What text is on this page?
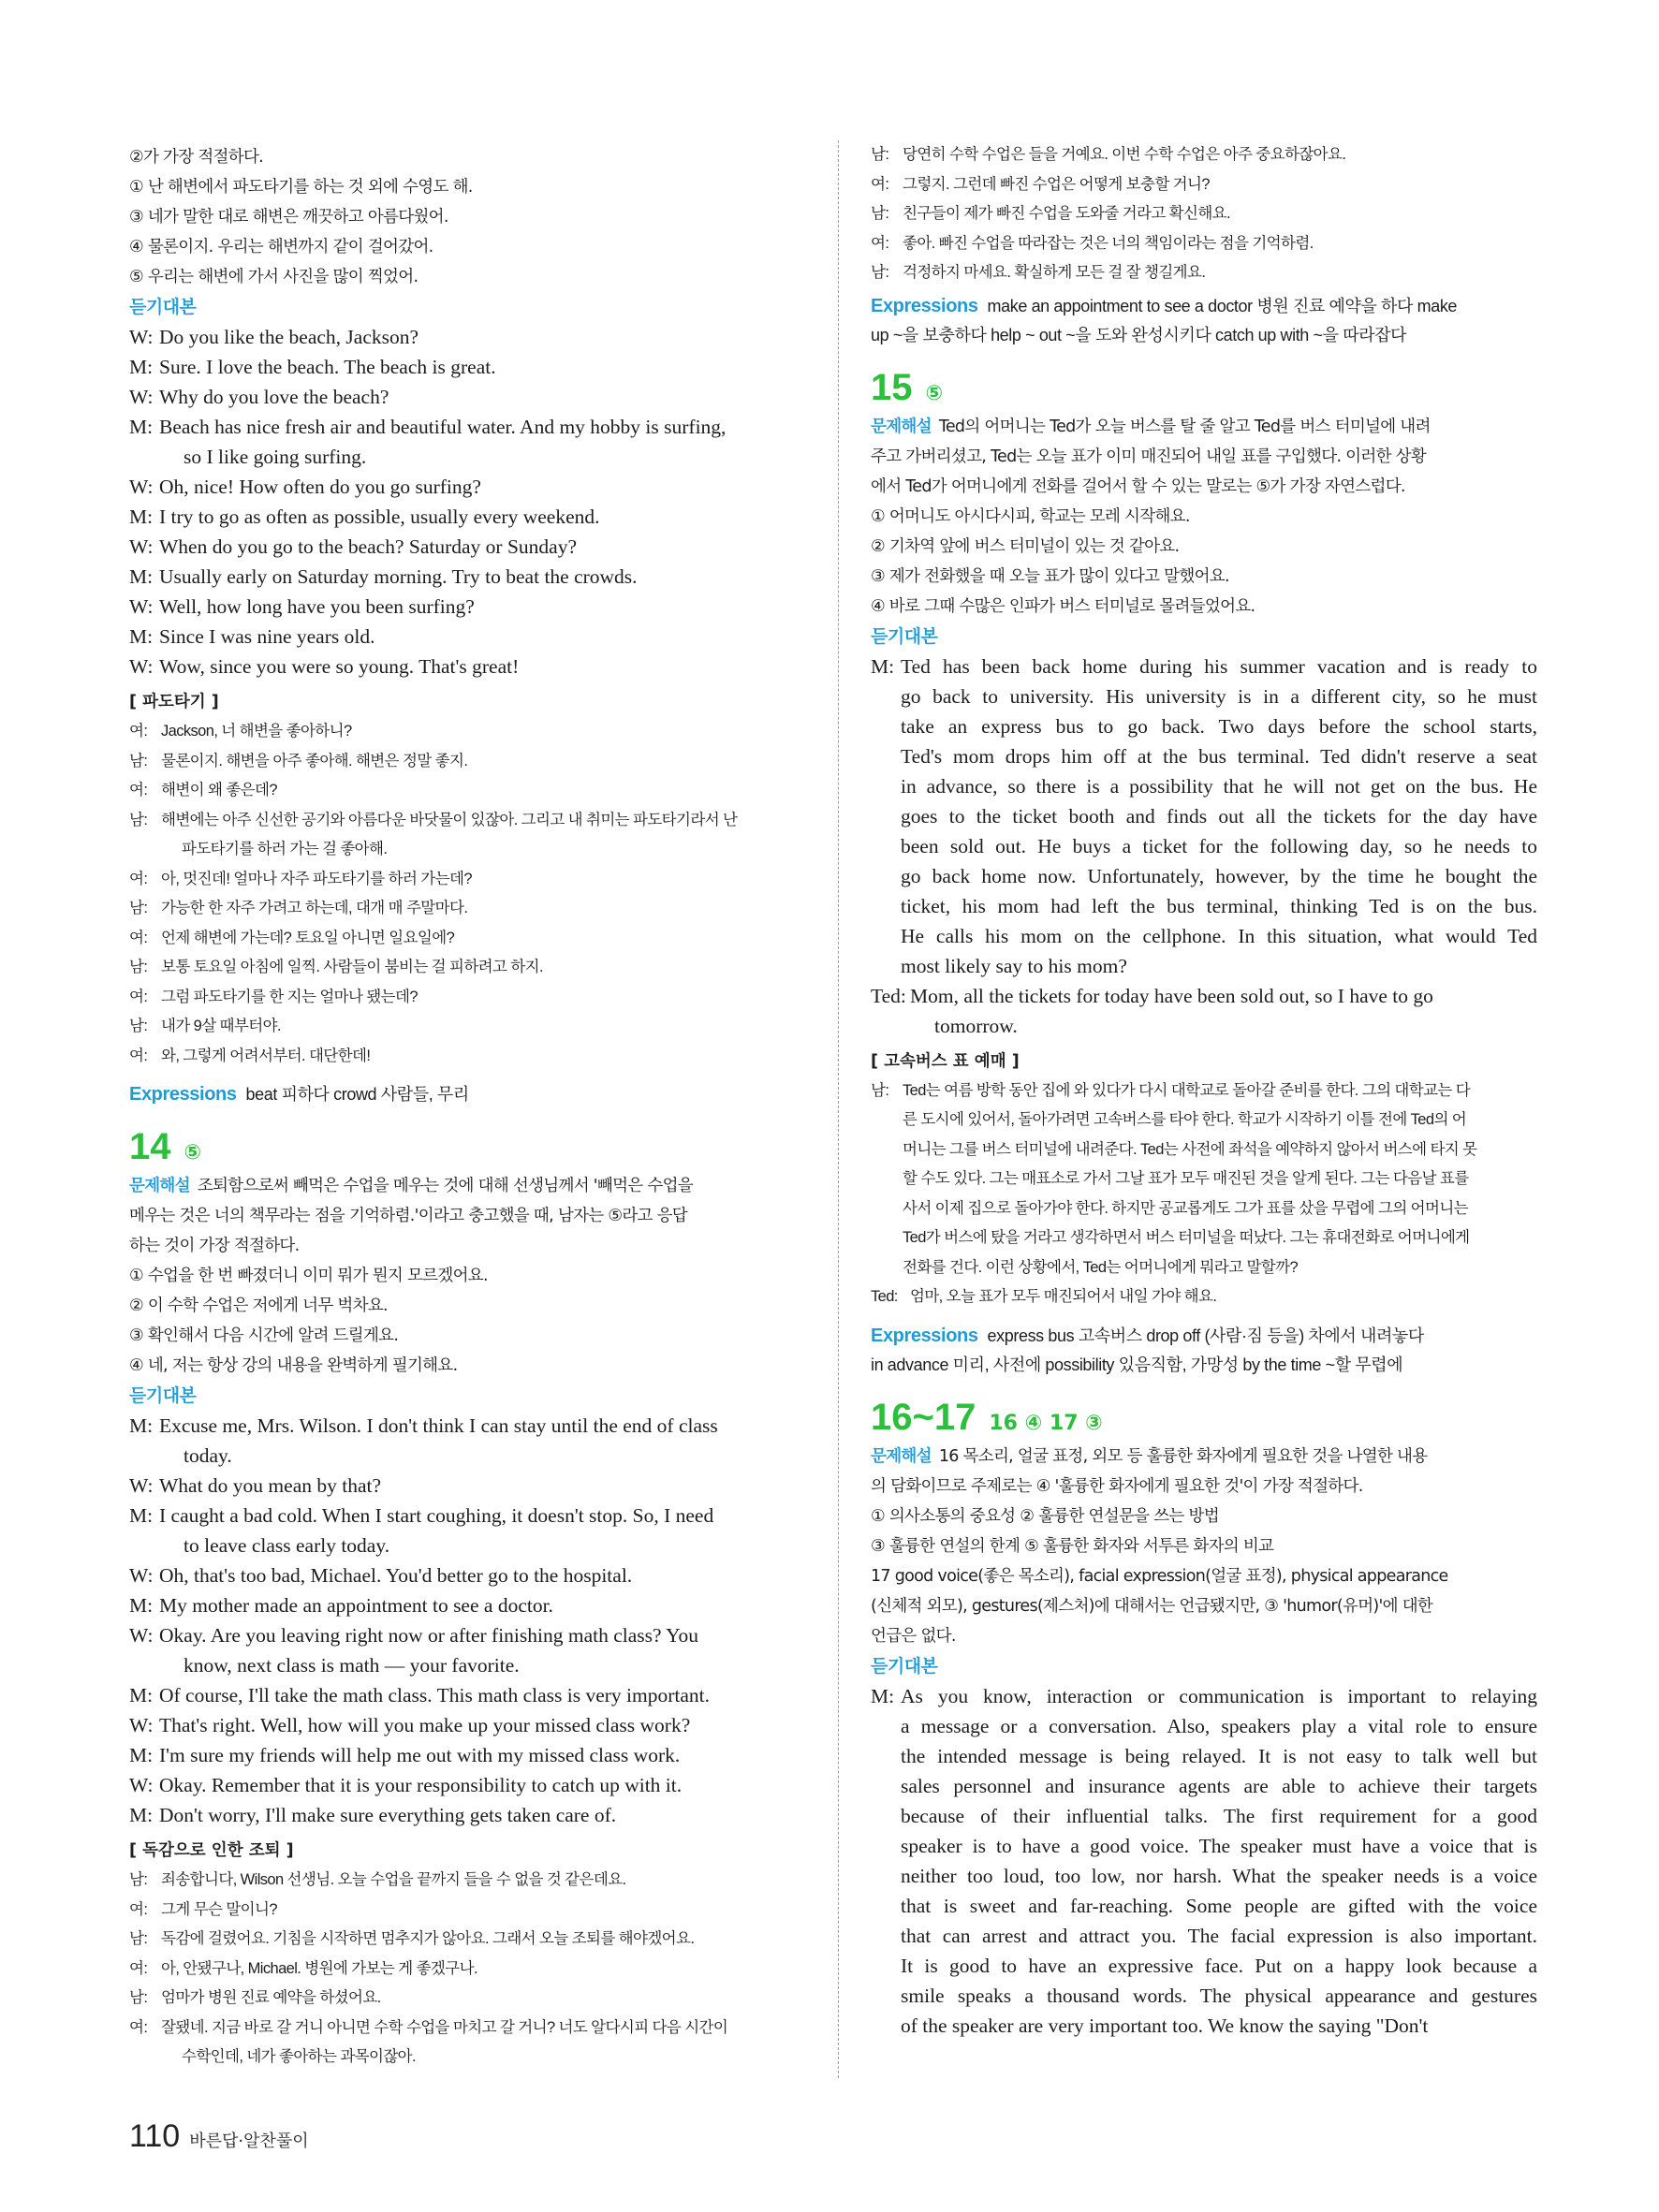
②가 가장 적절하다.
① 난 해변에서 파도타기를 하는 것 외에 수영도 해.
③ 네가 말한 대로 해변은 깨끗하고 아름다웠어.
④ 물론이지. 우리는 해변까지 같이 걸어갔어.
⑤ 우리는 해변에 가서 사진을 많이 찍었어.
듣기대본
W: Do you like the beach, Jackson?
M: Sure. I love the beach. The beach is great.
W: Why do you love the beach?
M: Beach has nice fresh air and beautiful water. And my hobby is surfing,
so I like going surfing.
W: Oh, nice! How often do you go surfing?
M: I try to go as often as possible, usually every weekend.
W: When do you go to the beach? Saturday or Sunday?
M: Usually early on Saturday morning. Try to beat the crowds.
W: Well, how long have you been surfing?
M: Since I was nine years old.
W: Wow, since you were so young. That's great!
[ 파도타기 ]
여: Jackson, 너 해변을 좋아하니?
남: 물론이지. 해변을 아주 좋아해. 해변은 정말 좋지.
여: 해변이 왜 좋은데?
남: 해변에는 아주 신선한 공기와 아름다운 바닷물이 있잖아. 그리고 내 취미는 파도타기라서 난
파도타기를 하러 가는 걸 좋아해.
여: 아, 멋진데! 얼마나 자주 파도타기를 하러 가는데?
남: 가능한 한 자주 가려고 하는데, 대개 매 주말마다.
여: 언제 해변에 가는데? 토요일 아니면 일요일에?
남: 보통 토요일 아침에 일찍. 사람들이 붐비는 걸 피하려고 하지.
여: 그럼 파도타기를 한 지는 얼마나 됐는데?
남: 내가 9살 때부터야.
여: 와, 그렇게 어려서부터. 대단한데!
Expressions beat 피하다 crowd 사람들, 무리
14 ⑤
문제해설 조퇴함으로써 빼먹은 수업을 메우는 것에 대해 선생님께서 '빼먹은 수업을
메우는 것은 너의 책무라는 점을 기억하렴.'이라고 충고했을 때, 남자는 ⑤라고 응답
하는 것이 가장 적절하다.
① 수업을 한 번 빠졌더니 이미 뭐가 뭔지 모르겠어요.
② 이 수학 수업은 저에게 너무 벅차요.
③ 확인해서 다음 시간에 알려 드릴게요.
④ 네, 저는 항상 강의 내용을 완벽하게 필기해요.
듣기대본
M: Excuse me, Mrs. Wilson. I don't think I can stay until the end of class
today.
W: What do you mean by that?
M: I caught a bad cold. When I start coughing, it doesn't stop. So, I need
to leave class early today.
W: Oh, that's too bad, Michael. You'd better go to the hospital.
M: My mother made an appointment to see a doctor.
W: Okay. Are you leaving right now or after finishing math class? You
know, next class is math — your favorite.
M: Of course, I'll take the math class. This math class is very important.
W: That's right. Well, how will you make up your missed class work?
M: I'm sure my friends will help me out with my missed class work.
W: Okay. Remember that it is your responsibility to catch up with it.
M: Don't worry, I'll make sure everything gets taken care of.
[ 독감으로 인한 조퇴 ]
남: 죄송합니다, Wilson 선생님. 오늘 수업을 끝까지 들을 수 없을 것 같은데요.
여: 그게 무슨 말이니?
남: 독감에 걸렸어요. 기침을 시작하면 멈추지가 않아요. 그래서 오늘 조퇴를 해야겠어요.
여: 아, 안됐구나, Michael. 병원에 가보는 게 좋겠구나.
남: 엄마가 병원 진료 예약을 하셨어요.
여: 잘됐네. 지금 바로 갈 거니 아니면 수학 수업을 마치고 갈 거니? 너도 알다시피 다음 시간이
수학인데, 네가 좋아하는 과목이잖아.
남: 당연히 수학 수업은 들을 거예요. 이번 수학 수업은 아주 중요하잖아요.
여: 그렇지. 그런데 빠진 수업은 어떻게 보충할 거니?
남: 친구들이 제가 빠진 수업을 도와줄 거라고 확신해요.
여: 좋아. 빠진 수업을 따라잡는 것은 너의 책임이라는 점을 기억하렴.
남: 걱정하지 마세요. 확실하게 모든 걸 잘 챙길게요.
Expressions make an appointment to see a doctor 병원 진료 예약을 하다 make
up ~을 보충하다 help ~ out ~을 도와 완성시키다 catch up with ~을 따라잡다
15 ⑤
문제해설 Ted의 어머니는 Ted가 오늘 버스를 탈 줄 알고 Ted를 버스 터미널에 내려
주고 가버리셨고, Ted는 오늘 표가 이미 매진되어 내일 표를 구입했다. 이러한 상황
에서 Ted가 어머니에게 전화를 걸어서 할 수 있는 말로는 ⑤가 가장 자연스럽다.
① 어머니도 아시다시피, 학교는 모레 시작해요.
② 기차역 앞에 버스 터미널이 있는 것 같아요.
③ 제가 전화했을 때 오늘 표가 많이 있다고 말했어요.
④ 바로 그때 수많은 인파가 버스 터미널로 몰려들었어요.
듣기대본
M: Ted has been back home during his summer vacation and is ready to
go back to university. His university is in a different city, so he must
take an express bus to go back. Two days before the school starts,
Ted's mom drops him off at the bus terminal. Ted didn't reserve a seat
in advance, so there is a possibility that he will not get on the bus. He
goes to the ticket booth and finds out all the tickets for the day have
been sold out. He buys a ticket for the following day, so he needs to
go back home now. Unfortunately, however, by the time he bought the
ticket, his mom had left the bus terminal, thinking Ted is on the bus.
He calls his mom on the cellphone. In this situation, what would Ted
most likely say to his mom?
Ted: Mom, all the tickets for today have been sold out, so I have to go
tomorrow.
[ 고속버스 표 예매 ]
남: Ted는 여름 방학 동안 집에 와 있다가 다시 대학교로 돌아갈 준비를 한다. 그의 대학교는 다
른 도시에 있어서, 돌아가려면 고속버스를 타야 한다. 학교가 시작하기 이틀 전에 Ted의 어
머니는 그를 버스 터미널에 내려준다. Ted는 사전에 좌석을 예약하지 않아서 버스에 타지 못
할 수도 있다. 그는 매표소로 가서 그날 표가 모두 매진된 것을 알게 된다. 그는 다음날 표를
사서 이제 집으로 돌아가야 한다. 하지만 공교롭게도 그가 표를 샀을 무렵에 그의 어머니는
Ted가 버스에 탔을 거라고 생각하면서 버스 터미널을 떠났다. 그는 휴대전화로 어머니에게
전화를 건다. 이런 상황에서, Ted는 어머니에게 뭐라고 말할까?
Ted: 엄마, 오늘 표가 모두 매진되어서 내일 가야 해요.
Expressions express bus 고속버스 drop off (사람·짐 등을) 차에서 내려놓다
in advance 미리, 사전에 possibility 있음직함, 가망성 by the time ~할 무렵에
16~17 16 ④ 17 ③
문제해설 16 목소리, 얼굴 표정, 외모 등 훌륭한 화자에게 필요한 것을 나열한 내용
의 담화이므로 주제로는 ④ '훌륭한 화자에게 필요한 것'이 가장 적절하다.
① 의사소통의 중요성 ② 훌륭한 연설문을 쓰는 방법
③ 훌륭한 연설의 한계 ⑤ 훌륭한 화자와 서투른 화자의 비교
17 good voice(좋은 목소리), facial expression(얼굴 표정), physical appearance
(신체적 외모), gestures(제스처)에 대해서는 언급됐지만, ③ 'humor(유머)'에 대한
언급은 없다.
듣기대본
M: As you know, interaction or communication is important to relaying
a message or a conversation. Also, speakers play a vital role to ensure
the intended message is being relayed. It is not easy to talk well but
sales personnel and insurance agents are able to achieve their targets
because of their influential talks. The first requirement for a good
speaker is to have a good voice. The speaker must have a voice that is
neither too loud, too low, nor harsh. What the speaker needs is a voice
that is sweet and far-reaching. Some people are gifted with the voice
that can arrest and attract you. The facial expression is also important.
It is good to have an expressive face. Put on a happy look because a
smile speaks a thousand words. The physical appearance and gestures
of the speaker are very important too. We know the saying "Don't
110 바른답·알찬풀이
